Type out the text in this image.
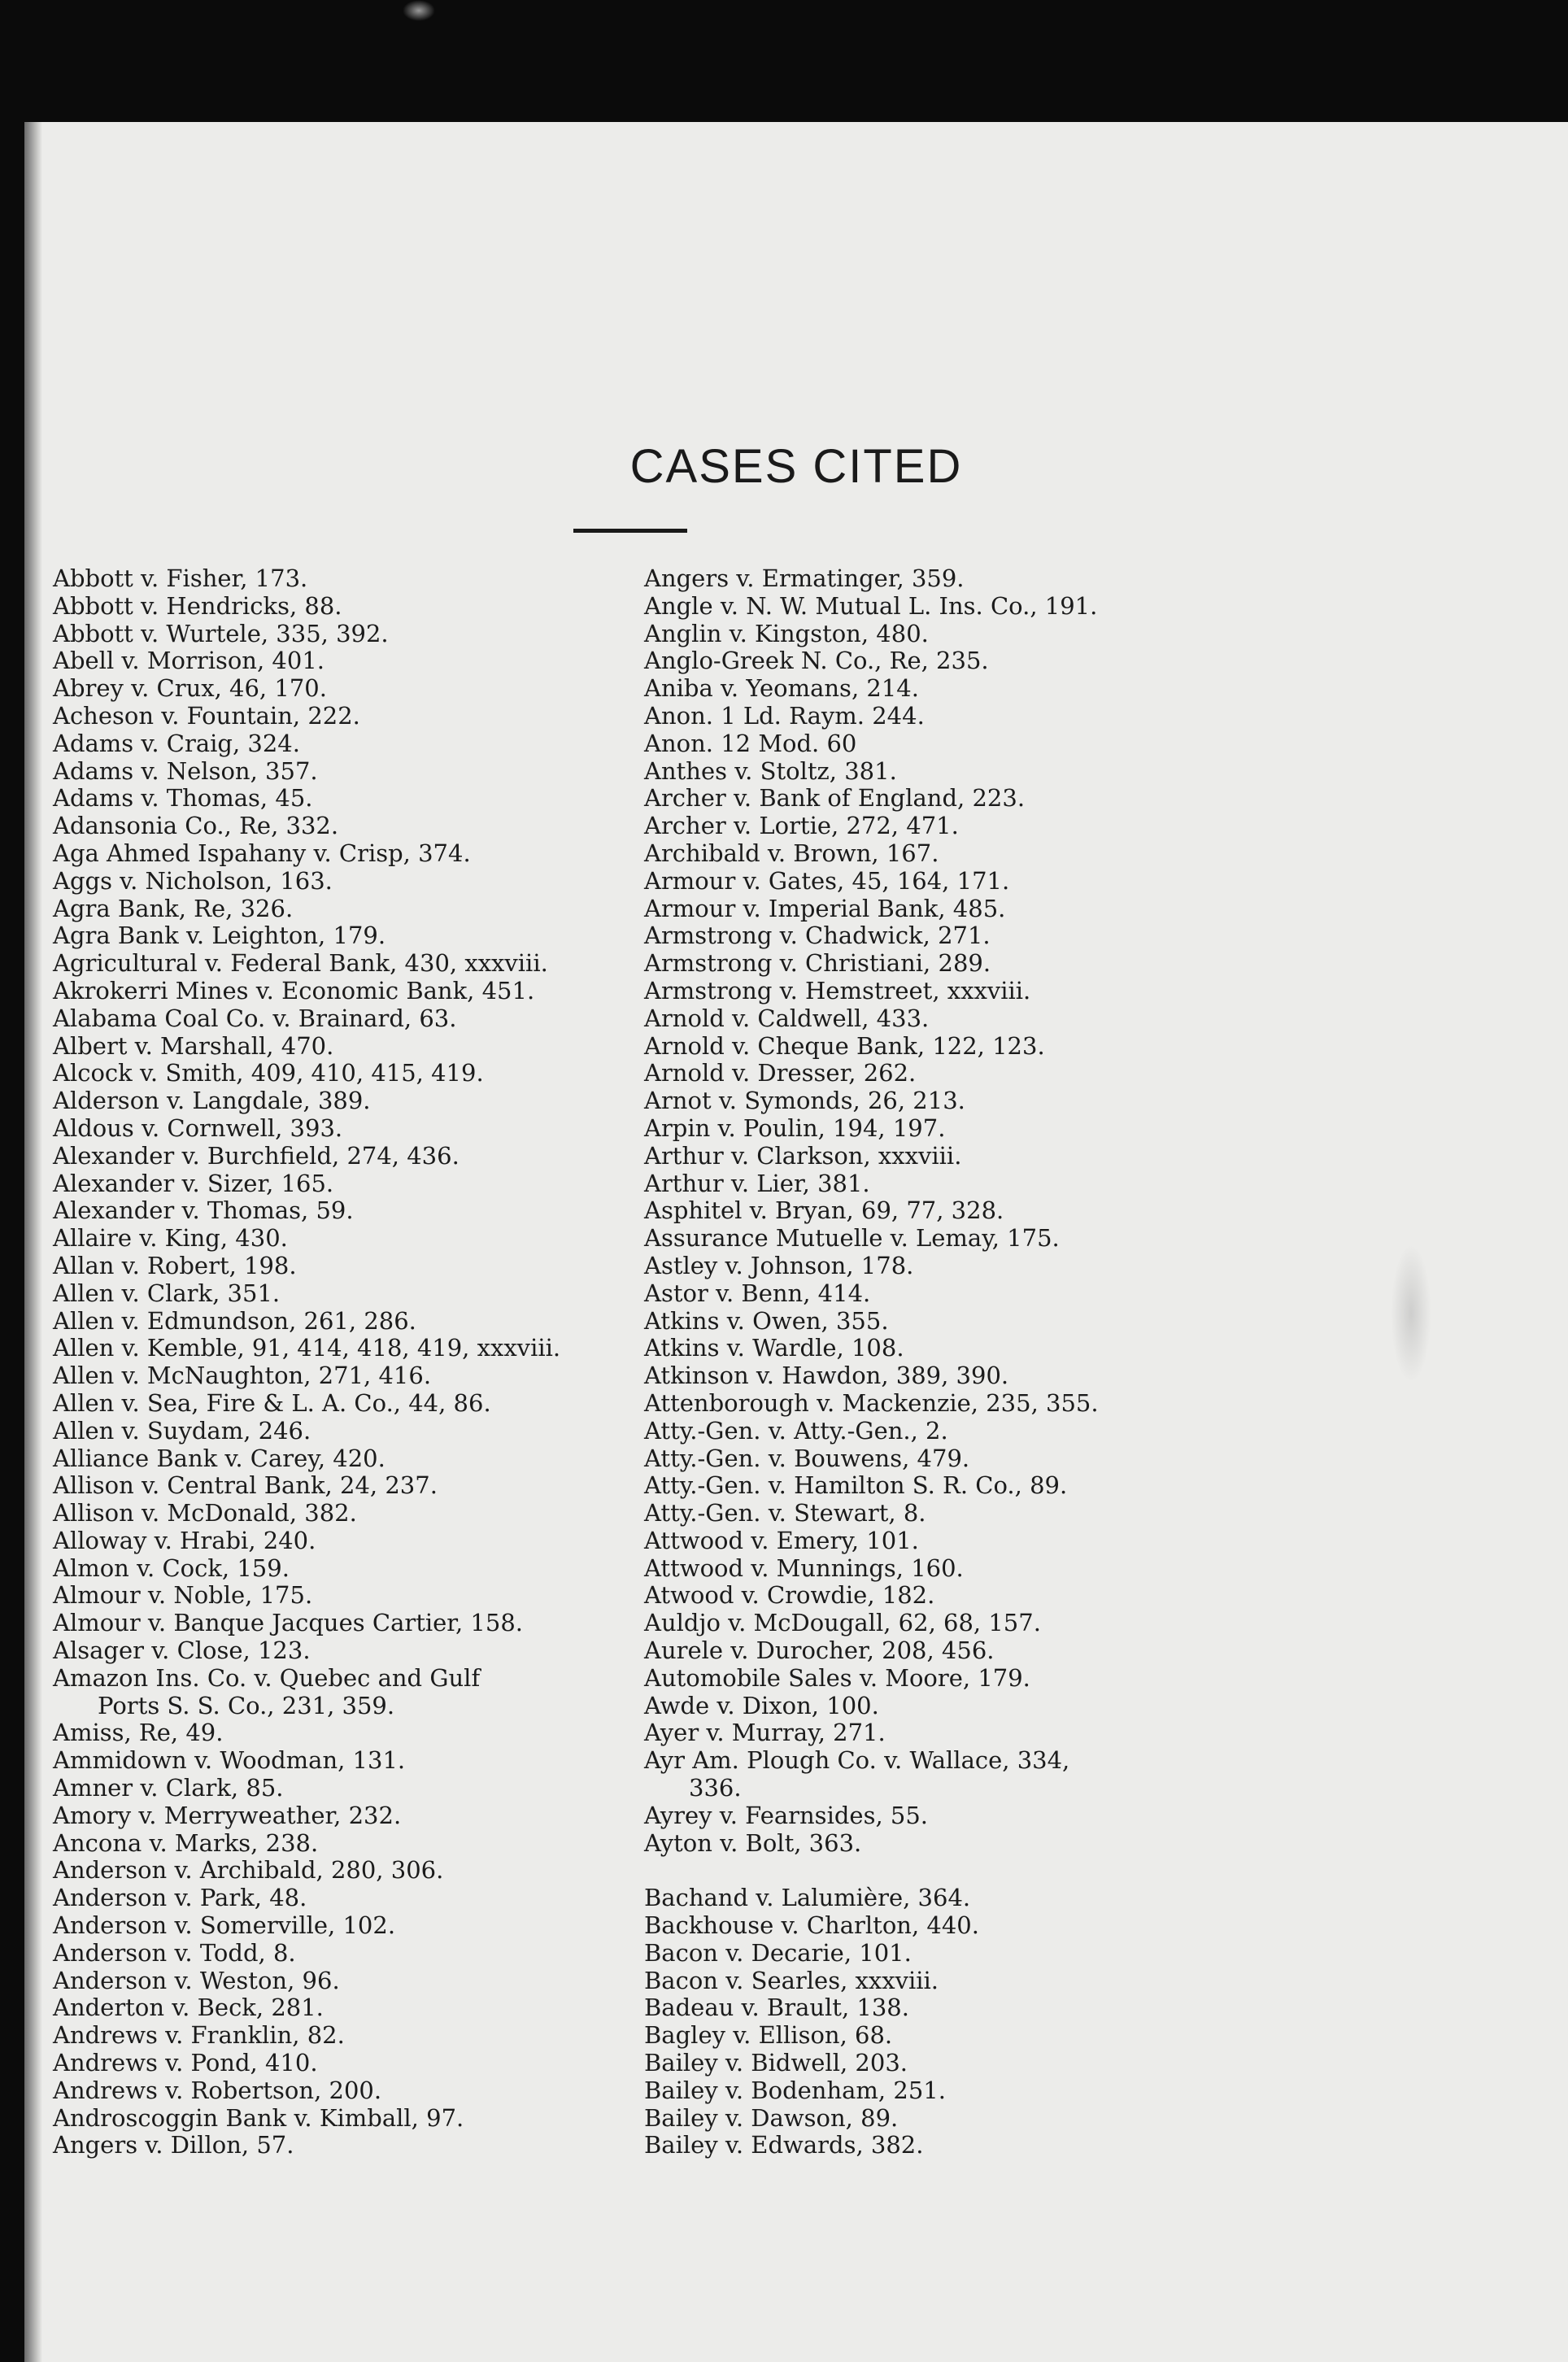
CASES CITED
Abbott v. Fisher, 173.
Abbott v. Hendricks, 88.
Abbott v. Wurtele, 335, 392.
Abell v. Morrison, 401.
Abrey v. Crux, 46, 170.
Acheson v. Fountain, 222.
Adams v. Craig, 324.
Adams v. Nelson, 357.
Adams v. Thomas, 45.
Adansonia Co., Re, 332.
Aga Ahmed Ispahany v. Crisp, 374.
Aggs v. Nicholson, 163.
Agra Bank, Re, 326.
Agra Bank v. Leighton, 179.
Agricultural v. Federal Bank, 430, xxxviii.
Akrokerri Mines v. Economic Bank, 451.
Alabama Coal Co. v. Brainard, 63.
Albert v. Marshall, 470.
Alcock v. Smith, 409, 410, 415, 419.
Alderson v. Langdale, 389.
Aldous v. Cornwell, 393.
Alexander v. Burchfield, 274, 436.
Alexander v. Sizer, 165.
Alexander v. Thomas, 59.
Allaire v. King, 430.
Allan v. Robert, 198.
Allen v. Clark, 351.
Allen v. Edmundson, 261, 286.
Allen v. Kemble, 91, 414, 418, 419, xxxviii.
Allen v. McNaughton, 271, 416.
Allen v. Sea, Fire & L. A. Co., 44, 86.
Allen v. Suydam, 246.
Alliance Bank v. Carey, 420.
Allison v. Central Bank, 24, 237.
Allison v. McDonald, 382.
Alloway v. Hrabi, 240.
Almon v. Cock, 159.
Almour v. Noble, 175.
Almour v. Banque Jacques Cartier, 158.
Alsager v. Close, 123.
Amazon Ins. Co. v. Quebec and Gulf
Ports S. S. Co., 231, 359.
Amiss, Re, 49.
Ammidown v. Woodman, 131.
Amner v. Clark, 85.
Amory v. Merryweather, 232.
Ancona v. Marks, 238.
Anderson v. Archibald, 280, 306.
Anderson v. Park, 48.
Anderson v. Somerville, 102.
Anderson v. Todd, 8.
Anderson v. Weston, 96.
Anderton v. Beck, 281.
Andrews v. Franklin, 82.
Andrews v. Pond, 410.
Andrews v. Robertson, 200.
Androscoggin Bank v. Kimball, 97.
Angers v. Dillon, 57.
Angers v. Ermatinger, 359.
Angle v. N. W. Mutual L. Ins. Co., 191.
Anglin v. Kingston, 480.
Anglo-Greek N. Co., Re, 235.
Aniba v. Yeomans, 214.
Anon. 1 Ld. Raym. 244.
Anon. 12 Mod. 60
Anthes v. Stoltz, 381.
Archer v. Bank of England, 223.
Archer v. Lortie, 272, 471.
Archibald v. Brown, 167.
Armour v. Gates, 45, 164, 171.
Armour v. Imperial Bank, 485.
Armstrong v. Chadwick, 271.
Armstrong v. Christiani, 289.
Armstrong v. Hemstreet, xxxviii.
Arnold v. Caldwell, 433.
Arnold v. Cheque Bank, 122, 123.
Arnold v. Dresser, 262.
Arnot v. Symonds, 26, 213.
Arpin v. Poulin, 194, 197.
Arthur v. Clarkson, xxxviii.
Arthur v. Lier, 381.
Asphitel v. Bryan, 69, 77, 328.
Assurance Mutuelle v. Lemay, 175.
Astley v. Johnson, 178.
Astor v. Benn, 414.
Atkins v. Owen, 355.
Atkins v. Wardle, 108.
Atkinson v. Hawdon, 389, 390.
Attenborough v. Mackenzie, 235, 355.
Atty.-Gen. v. Atty.-Gen., 2.
Atty.-Gen. v. Bouwens, 479.
Atty.-Gen. v. Hamilton S. R. Co., 89.
Atty.-Gen. v. Stewart, 8.
Attwood v. Emery, 101.
Attwood v. Munnings, 160.
Atwood v. Crowdie, 182.
Auldjo v. McDougall, 62, 68, 157.
Aurele v. Durocher, 208, 456.
Automobile Sales v. Moore, 179.
Awde v. Dixon, 100.
Ayer v. Murray, 271.
Ayr Am. Plough Co. v. Wallace, 334,
336.
Ayrey v. Fearnsides, 55.
Ayton v. Bolt, 363.
Bachand v. Lalumière, 364.
Backhouse v. Charlton, 440.
Bacon v. Decarie, 101.
Bacon v. Searles, xxxviii.
Badeau v. Brault, 138.
Bagley v. Ellison, 68.
Bailey v. Bidwell, 203.
Bailey v. Bodenham, 251.
Bailey v. Dawson, 89.
Bailey v. Edwards, 382.
